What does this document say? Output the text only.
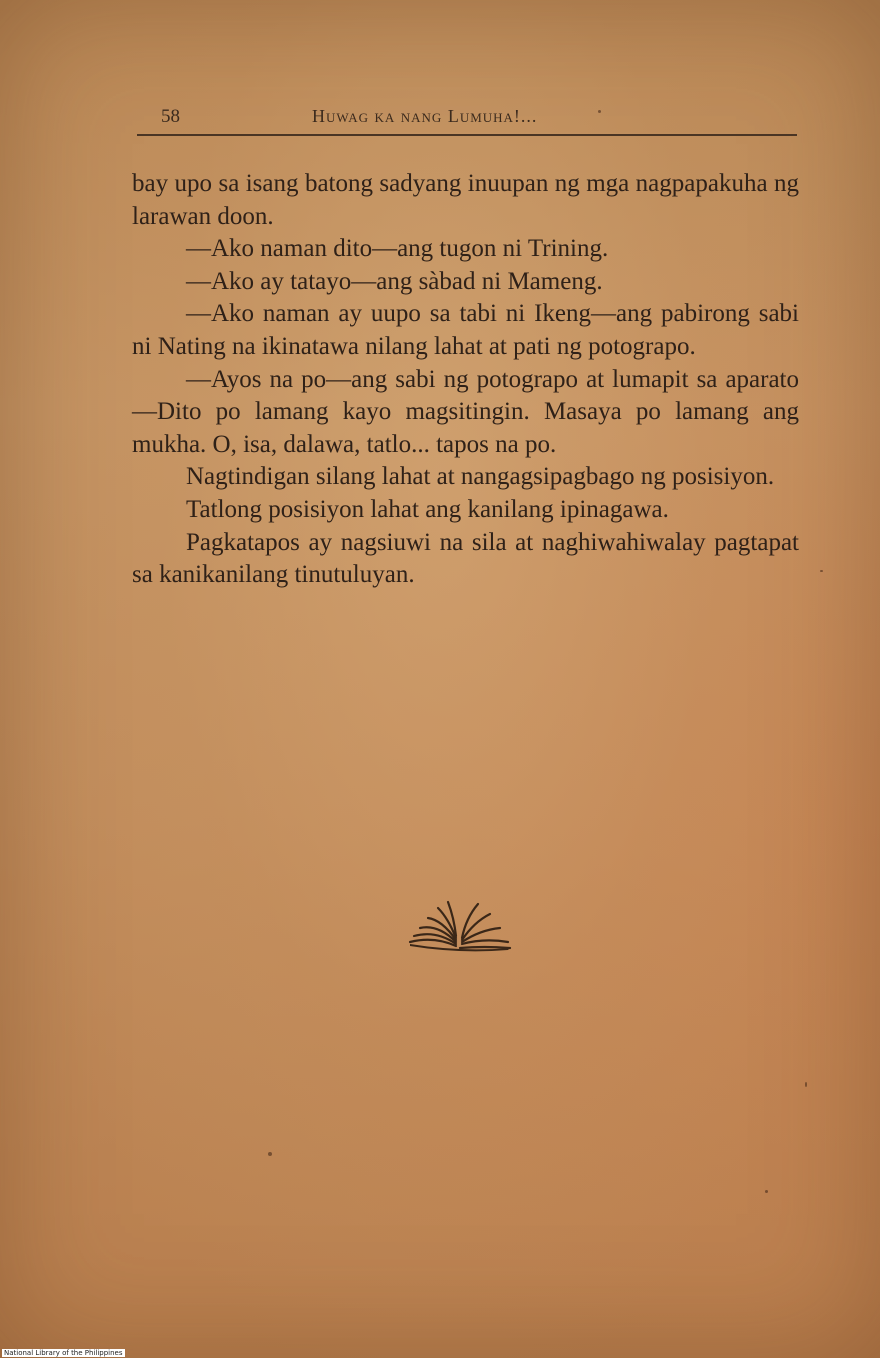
58	Huwag ka nang Lumuha!...

bay upo sa isang batong sadyang inuupan ng mga nagpapakuha ng larawan doon.

—Ako naman dito—ang tugon ni Trining.

—Ako ay tatayo—ang sàbad ni Mameng.

—Ako naman ay uupo sa tabi ni Ikeng—ang pabirong sabi ni Nating na ikinatawa nilang lahat at pati ng potograpo.

—Ayos na po—ang sabi ng potograpo at lumapit sa aparato—Dito po lamang kayo magsitingin. Masaya po lamang ang mukha. O, isa, dalawa, tatlo... tapos na po.

Nagtindigan silang lahat at nangagsipagbago ng posisiyon.

Tatlong posisiyon lahat ang kanilang ipinagawa.

Pagkatapos ay nagsiuwi na sila at naghiwahiwalay pagtapat sa kanikanilang tinutuluyan.

National Library of the Philippines
